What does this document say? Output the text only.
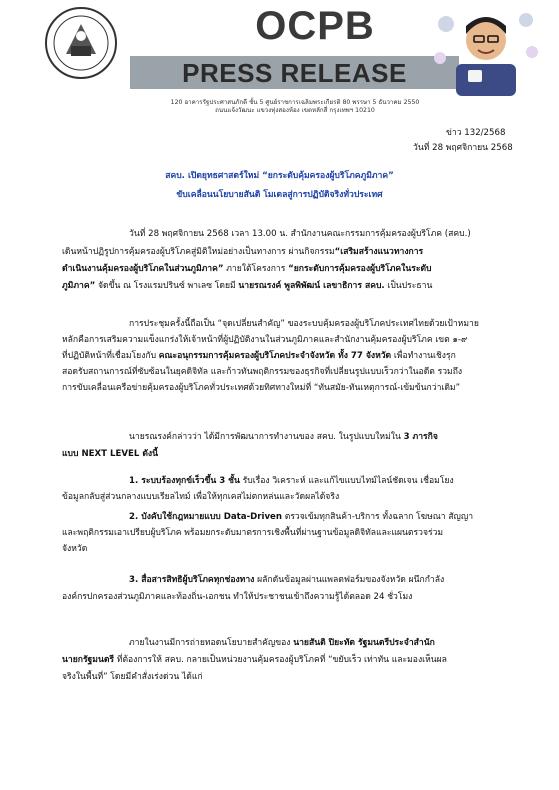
OCPB
PRESS RELEASE
120 อาคารรัฐประศาสนภักดี ชั้น 5 ศูนย์ราชการเฉลิมพระเกียรติ 80 พรรษา 5 ธันวาคม 2550
ถนนแจ้งวัฒนะ แขวงทุ่งสองห้อง เขตหลักสี่ กรุงเทพฯ 10210
ข่าว 132/2568
วันที่ 28 พฤศจิกายน 2568
สคบ. เปิดยุทธศาสตร์ใหม่ “ยกระดับคุ้มครองผู้บริโภคภูมิภาค”
ขับเคลื่อนนโยบายสันติ โมเดลสู่การปฏิบัติจริงทั่วประเทศ
วันที่ 28 พฤศจิกายน 2568 เวลา 13.00 น. สำนักงานคณะกรรมการคุ้มครองผู้บริโภค (สคบ.)
เดินหน้าปฏิรูปการคุ้มครองผู้บริโภคสู่มิติใหม่อย่างเป็นทางการ ผ่านกิจกรรม“เสริมสร้างแนวทางการ
ดำเนินงานคุ้มครองผู้บริโภคในส่วนภูมิภาค” ภายใต้โครงการ “ยกระดับการคุ้มครองผู้บริโภคในระดับ
ภูมิภาค” จัดขึ้น ณ โรงแรมปรินซ์ พาเลซ โดยมี นายรณรงค์ พูลพิพัฒน์ เลขาธิการ สคบ. เป็นประธาน
การประชุมครั้งนี้ถือเป็น “จุดเปลี่ยนสำคัญ” ของระบบคุ้มครองผู้บริโภคประเทศไทยด้วยเป้าหมาย
หลักคือการเสริมความแข็งแกร่งให้เจ้าหน้าที่ผู้ปฏิบัติงานในส่วนภูมิภาคและสำนักงานคุ้มครองผู้บริโภค เขต ๑-๙
ที่ปฏิบัติหน้าที่เชื่อมโยงกับ คณะอนุกรรมการคุ้มครองผู้บริโภคประจำจังหวัด ทั้ง 77 จังหวัด เพื่อทำงานเชิงรุก
สอดรับสถานการณ์ที่ซับซ้อนในยุคดิจิทัล และก้าวทันพฤติกรรมของธุรกิจที่เปลี่ยนรูปแบบเร็วกว่าในอดีต รวมถึง
การขับเคลื่อนเครือข่ายคุ้มครองผู้บริโภคทั่วประเทศด้วยทิศทางใหม่ที่ “ทันสมัย-ทันเหตุการณ์-เข้มข้นกว่าเดิม”
นายรณรงค์กล่าวว่า ได้มีการพัฒนาการทำงานของ สคบ. ในรูปแบบใหม่ใน 3 ภารกิจ
แบบ NEXT LEVEL ดังนี้
1. ระบบร้องทุกข์เร็วขึ้น 3 ชั้น รับเรื่อง วิเคราะห์ และแก้ไขแบบไทม์ไลน์ชัดเจน เชื่อมโยง
ข้อมูลกลับสู่ส่วนกลางแบบเรียลไทม์ เพื่อให้ทุกเคสไม่ตกหล่นและวัดผลได้จริง
2. บังคับใช้กฎหมายแบบ Data-Driven ตรวจเข้มทุกสินค้า-บริการ ทั้งฉลาก โฆษณา สัญญา
และพฤติกรรมเอาเปรียบผู้บริโภค พร้อมยกระดับมาตรการเชิงพื้นที่ผ่านฐานข้อมูลดิจิทัลและแผนตรวจร่วม
จังหวัด
3. สื่อสารสิทธิผู้บริโภคทุกช่องทาง ผลักดันข้อมูลผ่านแพลตฟอร์มของจังหวัด ผนึกกำลัง
องค์กรปกครองส่วนภูมิภาคและท้องถิ่น-เอกชน ทำให้ประชาชนเข้าถึงความรู้ได้ตลอด 24 ชั่วโมง
ภายในงานมีการถ่ายทอดนโยบายสำคัญของ นายสันติ ปิยะทัต รัฐมนตรีประจำสำนัก
นายกรัฐมนตรี ที่ต้องการให้ สคบ. กลายเป็นหน่วยงานคุ้มครองผู้บริโภคที่ “ขยับเร็ว เท่าทัน และมองเห็นผล
จริงในพื้นที่” โดยมีคำสั่งเร่งด่วน ได้แก่
